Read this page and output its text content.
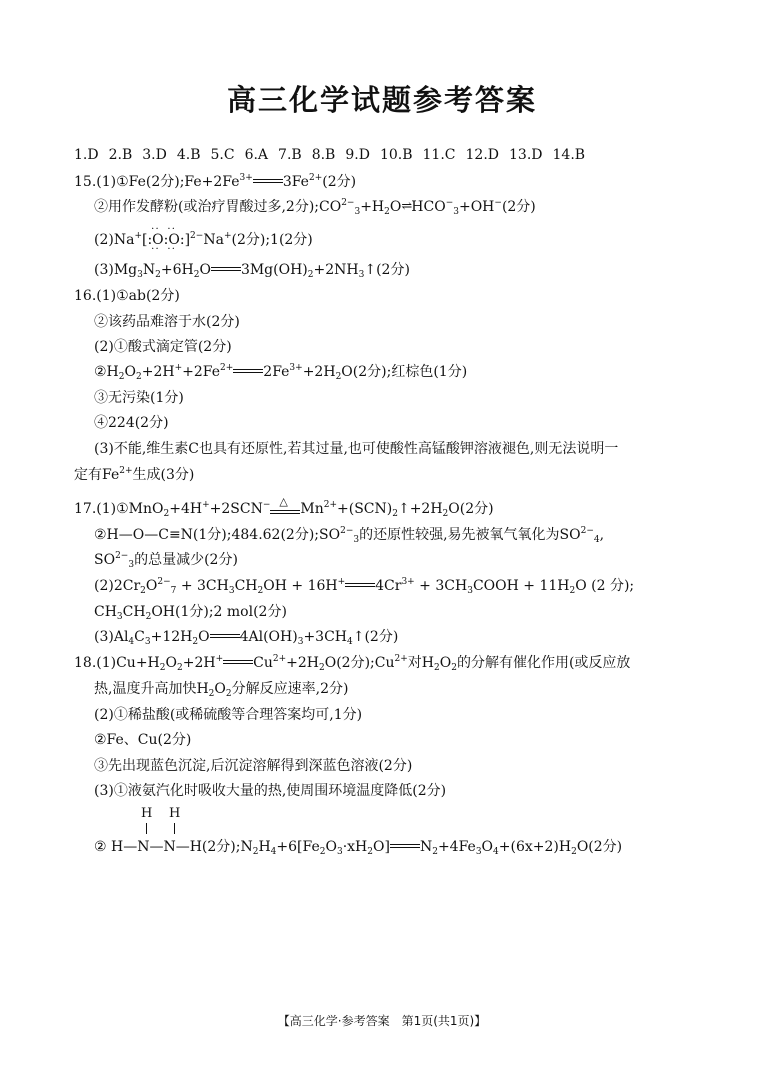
高三化学试题参考答案
1.D 2.B 3.D 4.B 5.C 6.A 7.B 8.B 9.D 10.B 11.C 12.D 13.D 14.B
15.(1)①Fe(2分)$;Fe+2Fe^{3+}$ $3Fe^{2+}(2$分)
②用作发酵粉(或治疗胃酸过多,2分)$;CO^{2-}_3+H_2O\rightleftharpoons HCO^-_3+OH^-(2$分)
(2)Na+[:· · O · ·:· · O · ·:]$^{2-}$Na+(2分);1(2分)
$(3)Mg_3N_2+6H_2O$ $3Mg(OH)_2+2NH_3↑(2$分)
16.(1)①ab(2分)
②该药品难溶于水(2分)
(2)①酸式滴定管(2分)
$②H_2O_2+2H^++2Fe^{2+}$ $2Fe^{3+}+2H_2O(2$分);红棕色(1分)
③无污染(1分)
④224(2分)
(3)不能,维生素C也具有还原性,若其过量,也可使酸性高锰酸钾溶液褪色,则无法说明一
定有$Fe^{2+}$生成(3分)
17.(1)①MnO$_2$+4H++2SCN− △ $Mn^{2+}+(SCN)_2↑+2H_2O(2$分)
②H—O—C≡N(1分);484.62(2分)$;SO^{2-}_3$的还原性较强,易先被氧气氧化为$SO^{2-}_4$,
$SO^{2-}_3$的总量减少(2分)
$(2)2Cr_2O^{2-}_7 + 3CH_3CH_2OH + 16H^+$ $4Cr^{3+}$ + $3CH_3COOH + 11H_2O$ (2 分);
$CH_3CH_2OH(1$分);2 mol(2分)
$(3)Al_4C_3+12H_2O$ $4Al(OH)_3+3CH_4↑(2$分)
$18.(1)Cu+H_2O_2+2H^+$ $Cu^{2+}+2H_2O(2$分)$;Cu^{2+}$对$H_2O_2$的分解有催化作用(或反应放
热,温度升高加快$H_2O_2$分解反应速率,2分)
(2)①稀盐酸(或稀硫酸等合理答案均可,1分)
②Fe、Cu(2分)
③先出现蓝色沉淀,后沉淀溶解得到深蓝色溶液(2分)
(3)①液氨汽化时吸收大量的热,使周围环境温度降低(2分)
H H
② H—N—N—H(2分)$;N_2H_4+6[Fe_2O_3\cdot xH_2O]$ $N_2+4Fe_3O_4+(6x+2)H_2O(2$分)
【高三化学·参考答案　第1页(共1页)】
